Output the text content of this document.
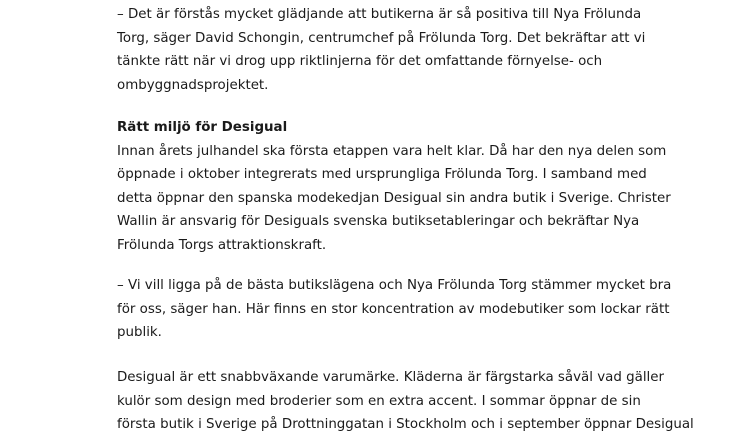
– Det är förstås mycket glädjande att butikerna är så positiva till Nya Frölunda
Torg, säger David Schongin, centrumchef på Frölunda Torg. Det bekräftar att vi
tänkte rätt när vi drog upp riktlinjerna för det omfattande förnyelse- och
ombyggnadsprojektet.
Rätt miljö för Desigual
Innan årets julhandel ska första etappen vara helt klar. Då har den nya delen som
öppnade i oktober integrerats med ursprungliga Frölunda Torg. I samband med
detta öppnar den spanska modekedjan Desigual sin andra butik i Sverige. Christer
Wallin är ansvarig för Desiguals svenska butiksetableringar och bekräftar Nya
Frölunda Torgs attraktionskraft.
– Vi vill ligga på de bästa butikslägena och Nya Frölunda Torg stämmer mycket bra
för oss, säger han. Här finns en stor koncentration av modebutiker som lockar rätt
publik.
Desigual är ett snabbväxande varumärke. Kläderna är färgstarka såväl vad gäller
kulör som design med broderier som en extra accent. I sommar öppnar de sin
första butik i Sverige på Drottninggatan i Stockholm och i september öppnar Desigual
